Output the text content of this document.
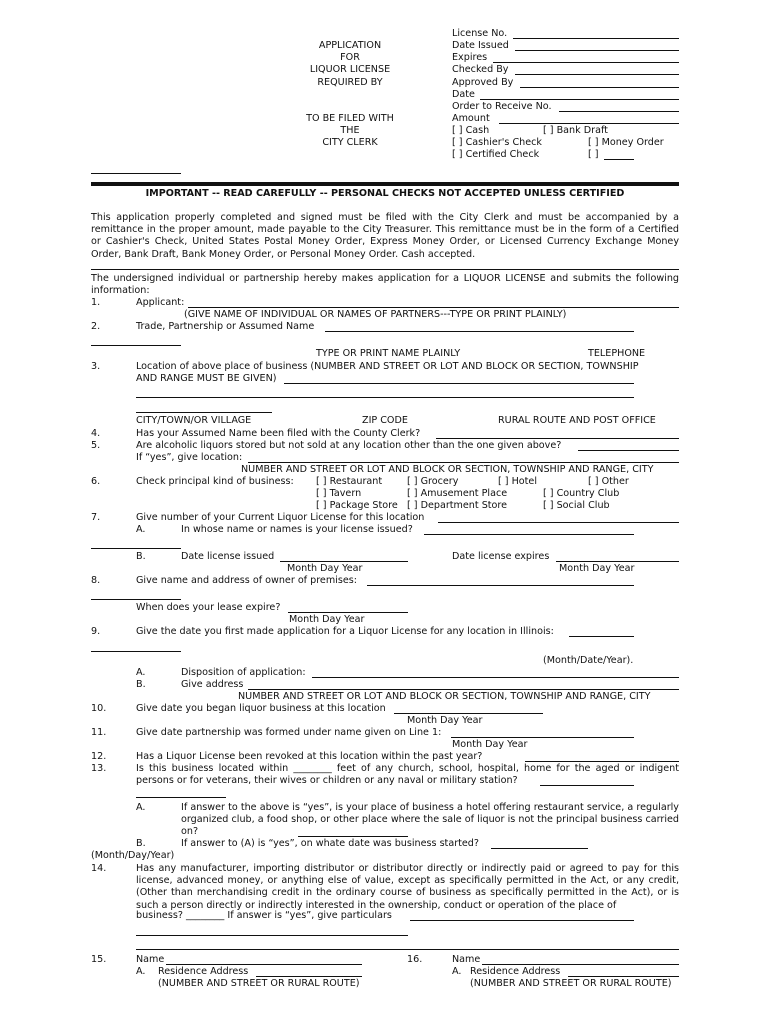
APPLICATION
FOR
LIQUOR LICENSE
REQUIRED BY
TO BE FILED WITH
THE
CITY CLERK
License No.
Date Issued
Expires
Checked By
Approved By
Date
Order to Receive No.
Amount
[ ] Cash	[ ] Bank Draft
[ ] Cashier's Check	[ ] Money Order
[ ] Certified Check	[ ]
IMPORTANT -- READ CAREFULLY -- PERSONAL CHECKS NOT ACCEPTED UNLESS CERTIFIED
This application properly completed and signed must be filed with the City Clerk and must be accompanied by a remittance in the proper amount, made payable to the City Treasurer. This remittance must be in the form of a Certified or Cashier's Check, United States Postal Money Order, Express Money Order, or Licensed Currency Exchange Money Order, Bank Draft, Bank Money Order, or Personal Money Order. Cash accepted.
The undersigned individual or partnership hereby makes application for a LIQUOR LICENSE and submits the following information:
1.	Applicant:
(GIVE NAME OF INDIVIDUAL OR NAMES OF PARTNERS---TYPE OR PRINT PLAINLY)
2.	Trade, Partnership or Assumed Name
TYPE OR PRINT NAME PLAINLY	TELEPHONE
3.	Location of above place of business (NUMBER AND STREET OR LOT AND BLOCK OR SECTION, TOWNSHIP
AND RANGE MUST BE GIVEN)
CITY/TOWN/OR VILLAGE	ZIP CODE	RURAL ROUTE AND POST OFFICE
4.	Has your Assumed Name been filed with the County Clerk?
5.	Are alcoholic liquors stored but not sold at any location other than the one given above?
If “yes”, give location:
NUMBER AND STREET OR LOT AND BLOCK OR SECTION, TOWNSHIP AND RANGE, CITY
6.	Check principal kind of business: [ ] Restaurant	[ ] Grocery	[ ] Hotel	[ ] Other
[ ] Tavern	[ ] Amusement Place	[ ] Country Club
[ ] Package Store [ ] Department Store	[ ] Social Club
7.	Give number of your Current Liquor License for this location
A.	In whose name or names is your license issued?
B.	Date license issued	Date license expires
Month Day Year	Month Day Year
8.	Give name and address of owner of premises:
When does your lease expire?
Month Day Year
9.	Give the date you first made application for a Liquor License for any location in Illinois:
(Month/Date/Year).
A.	Disposition of application:
B.	Give address
NUMBER AND STREET OR LOT AND BLOCK OR SECTION, TOWNSHIP AND RANGE, CITY
10.	Give date you began liquor business at this location
Month Day Year
11.	Give date partnership was formed under name given on Line 1:
Month Day Year
12.	Has a Liquor License been revoked at this location within the past year?
13.	Is this business located within ________ feet of any church, school, hospital, home for the aged or indigent
persons or for veterans, their wives or children or any naval or military station?
A.	If answer to the above is “yes”, is your place of business a hotel offering restaurant service, a regularly organized club, a food shop, or other place where the sale of liquor is not the principal business carried on?
B.	If answer to (A) is “yes”, on whate date was business started?
(Month/Day/Year)
14.	Has any manufacturer, importing distributor or distributor directly or indirectly paid or agreed to pay for this license, advanced money, or anything else of value, except as specifically permitted in the Act, or any credit, (Other than merchandising credit in the ordinary course of business as specifically permitted in the Act), or is such a person directly or indirectly interested in the ownership, conduct or operation of the place of
business? ________ If answer is “yes”, give particulars
15.	Name
A. Residence Address
(NUMBER AND STREET OR RURAL ROUTE)
16.	Name
A. Residence Address
(NUMBER AND STREET OR RURAL ROUTE)
